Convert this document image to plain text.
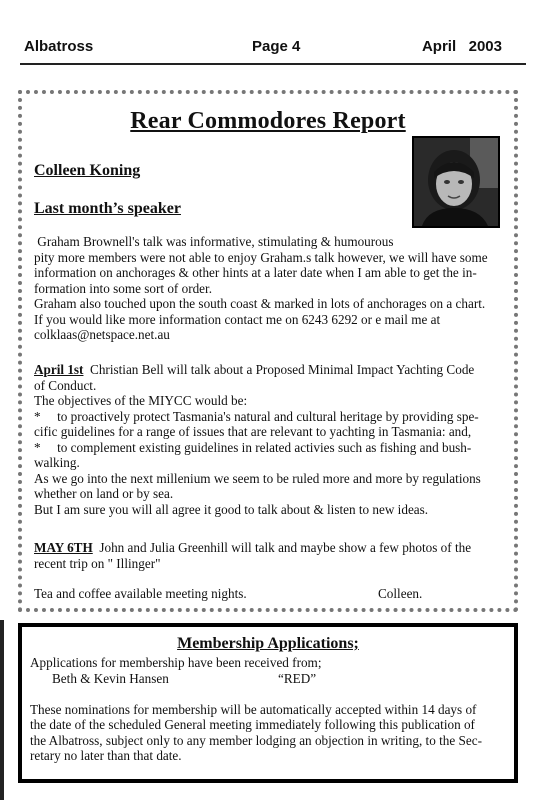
Albatross	Page 4	April   2003
Rear Commodores Report
Colleen Koning
Last month’s speaker

Graham Brownell's talk was informative, stimulating & humourous

pity more members were not able to enjoy Graham.s talk however, we will have some

information on anchorages & other hints at a later date when I am able to get the in-

formation into some sort of order.

Graham also touched upon the south coast & marked in lots of anchorages on a chart.

If you would like more information contact me on 6243 6292 or e mail me at

colklaas@netspace.net.au

April 1st  Christian Bell will talk about a Proposed Minimal Impact Yachting Code

of Conduct.

The objectives of the MIYCC would be:

*     to proactively protect Tasmania's natural and cultural heritage by providing spe-

cific guidelines for a range of issues that are relevant to yachting in Tasmania: and,

*     to complement existing guidelines in related activies such as fishing and bush-

walking.

As we go into the next millenium we seem to be ruled more and more by regulations

whether on land or by sea.

But I am sure you will all agree it good to talk about & listen to new ideas.

MAY 6TH  John and Julia Greenhill will talk and maybe show a few photos of the

recent trip on " Illinger"

Tea and coffee available meeting nights.	Colleen.
Membership Applications;
Applications for membership have been received from;
Beth & Kevin Hansen	“RED”
These nominations for membership will be automatically accepted within 14 days of
the date of the scheduled General meeting immediately following this publication of
the Albatross, subject only to any member lodging an objection in writing, to the Sec-
retary no later than that date.
